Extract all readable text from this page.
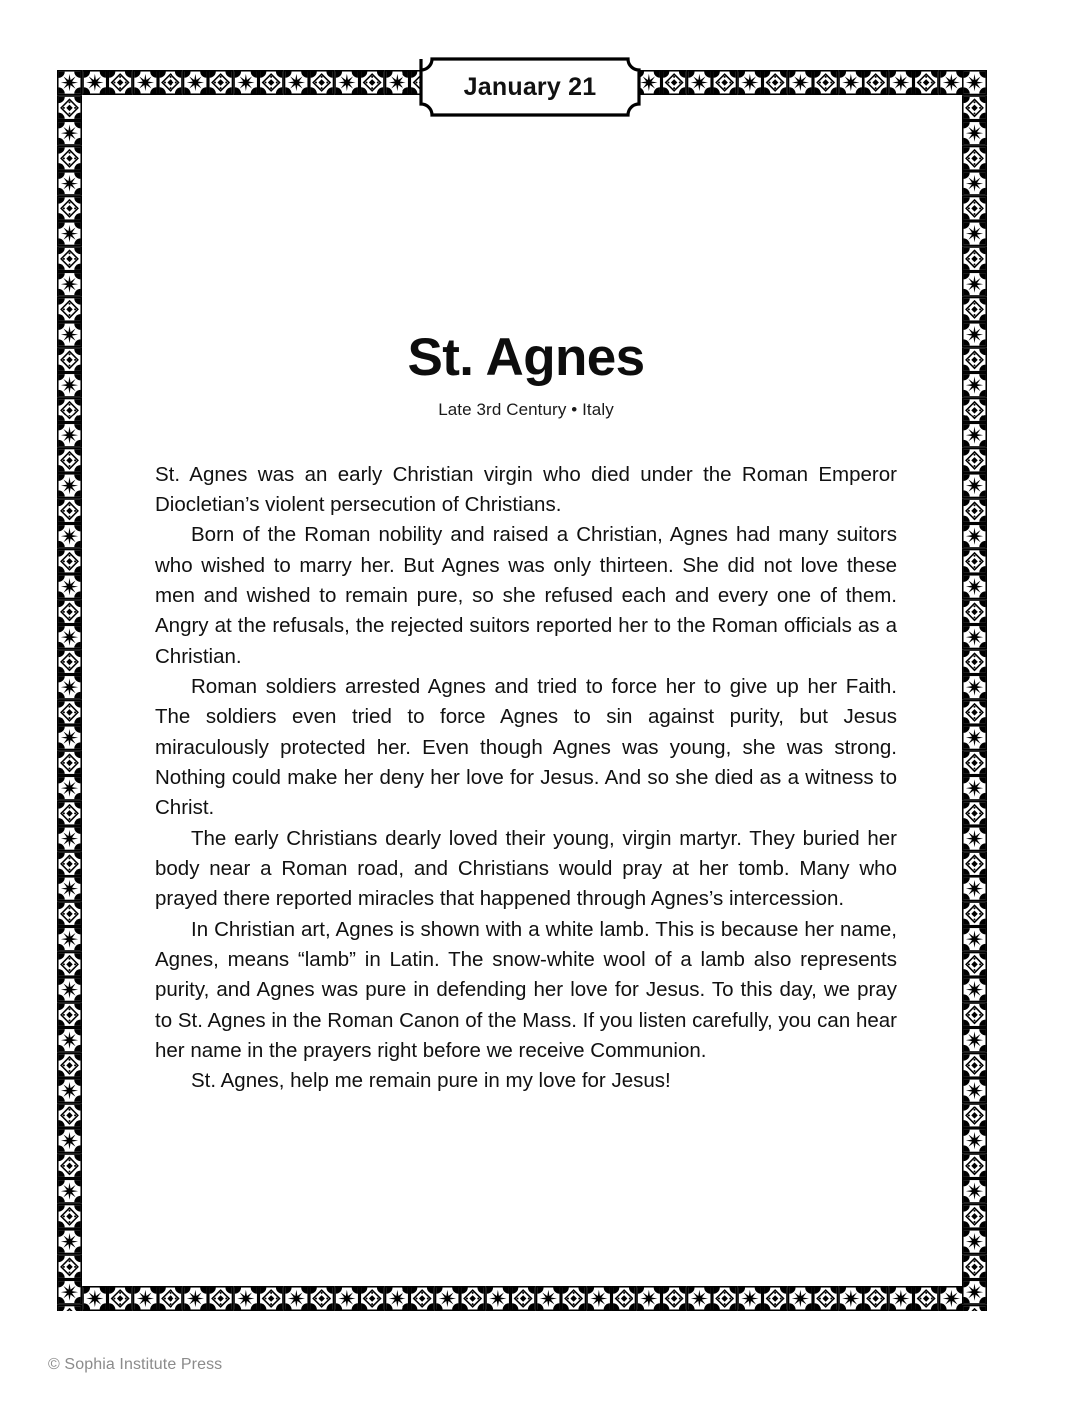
January 21
St. Agnes
Late 3rd Century • Italy

St. Agnes was an early Christian virgin who died under the Roman Emperor Diocletian’s violent persecution of Christians.

Born of the Roman nobility and raised a Christian, Agnes had many suitors who wished to marry her. But Agnes was only thirteen. She did not love these men and wished to remain pure, so she refused each and every one of them. Angry at the refusals, the rejected suitors reported her to the Roman officials as a Christian.

Roman soldiers arrested Agnes and tried to force her to give up her Faith. The soldiers even tried to force Agnes to sin against purity, but Jesus miraculously protected her. Even though Agnes was young, she was strong. Nothing could make her deny her love for Jesus. And so she died as a witness to Christ.

The early Christians dearly loved their young, virgin martyr. They buried her body near a Roman road, and Christians would pray at her tomb. Many who prayed there reported miracles that happened through Agnes’s intercession.

In Christian art, Agnes is shown with a white lamb. This is because her name, Agnes, means “lamb” in Latin. The snow-white wool of a lamb also represents purity, and Agnes was pure in defending her love for Jesus. To this day, we pray to St. Agnes in the Roman Canon of the Mass. If you listen carefully, you can hear her name in the prayers right before we receive Communion.

St. Agnes, help me remain pure in my love for Jesus!

© Sophia Institute Press
